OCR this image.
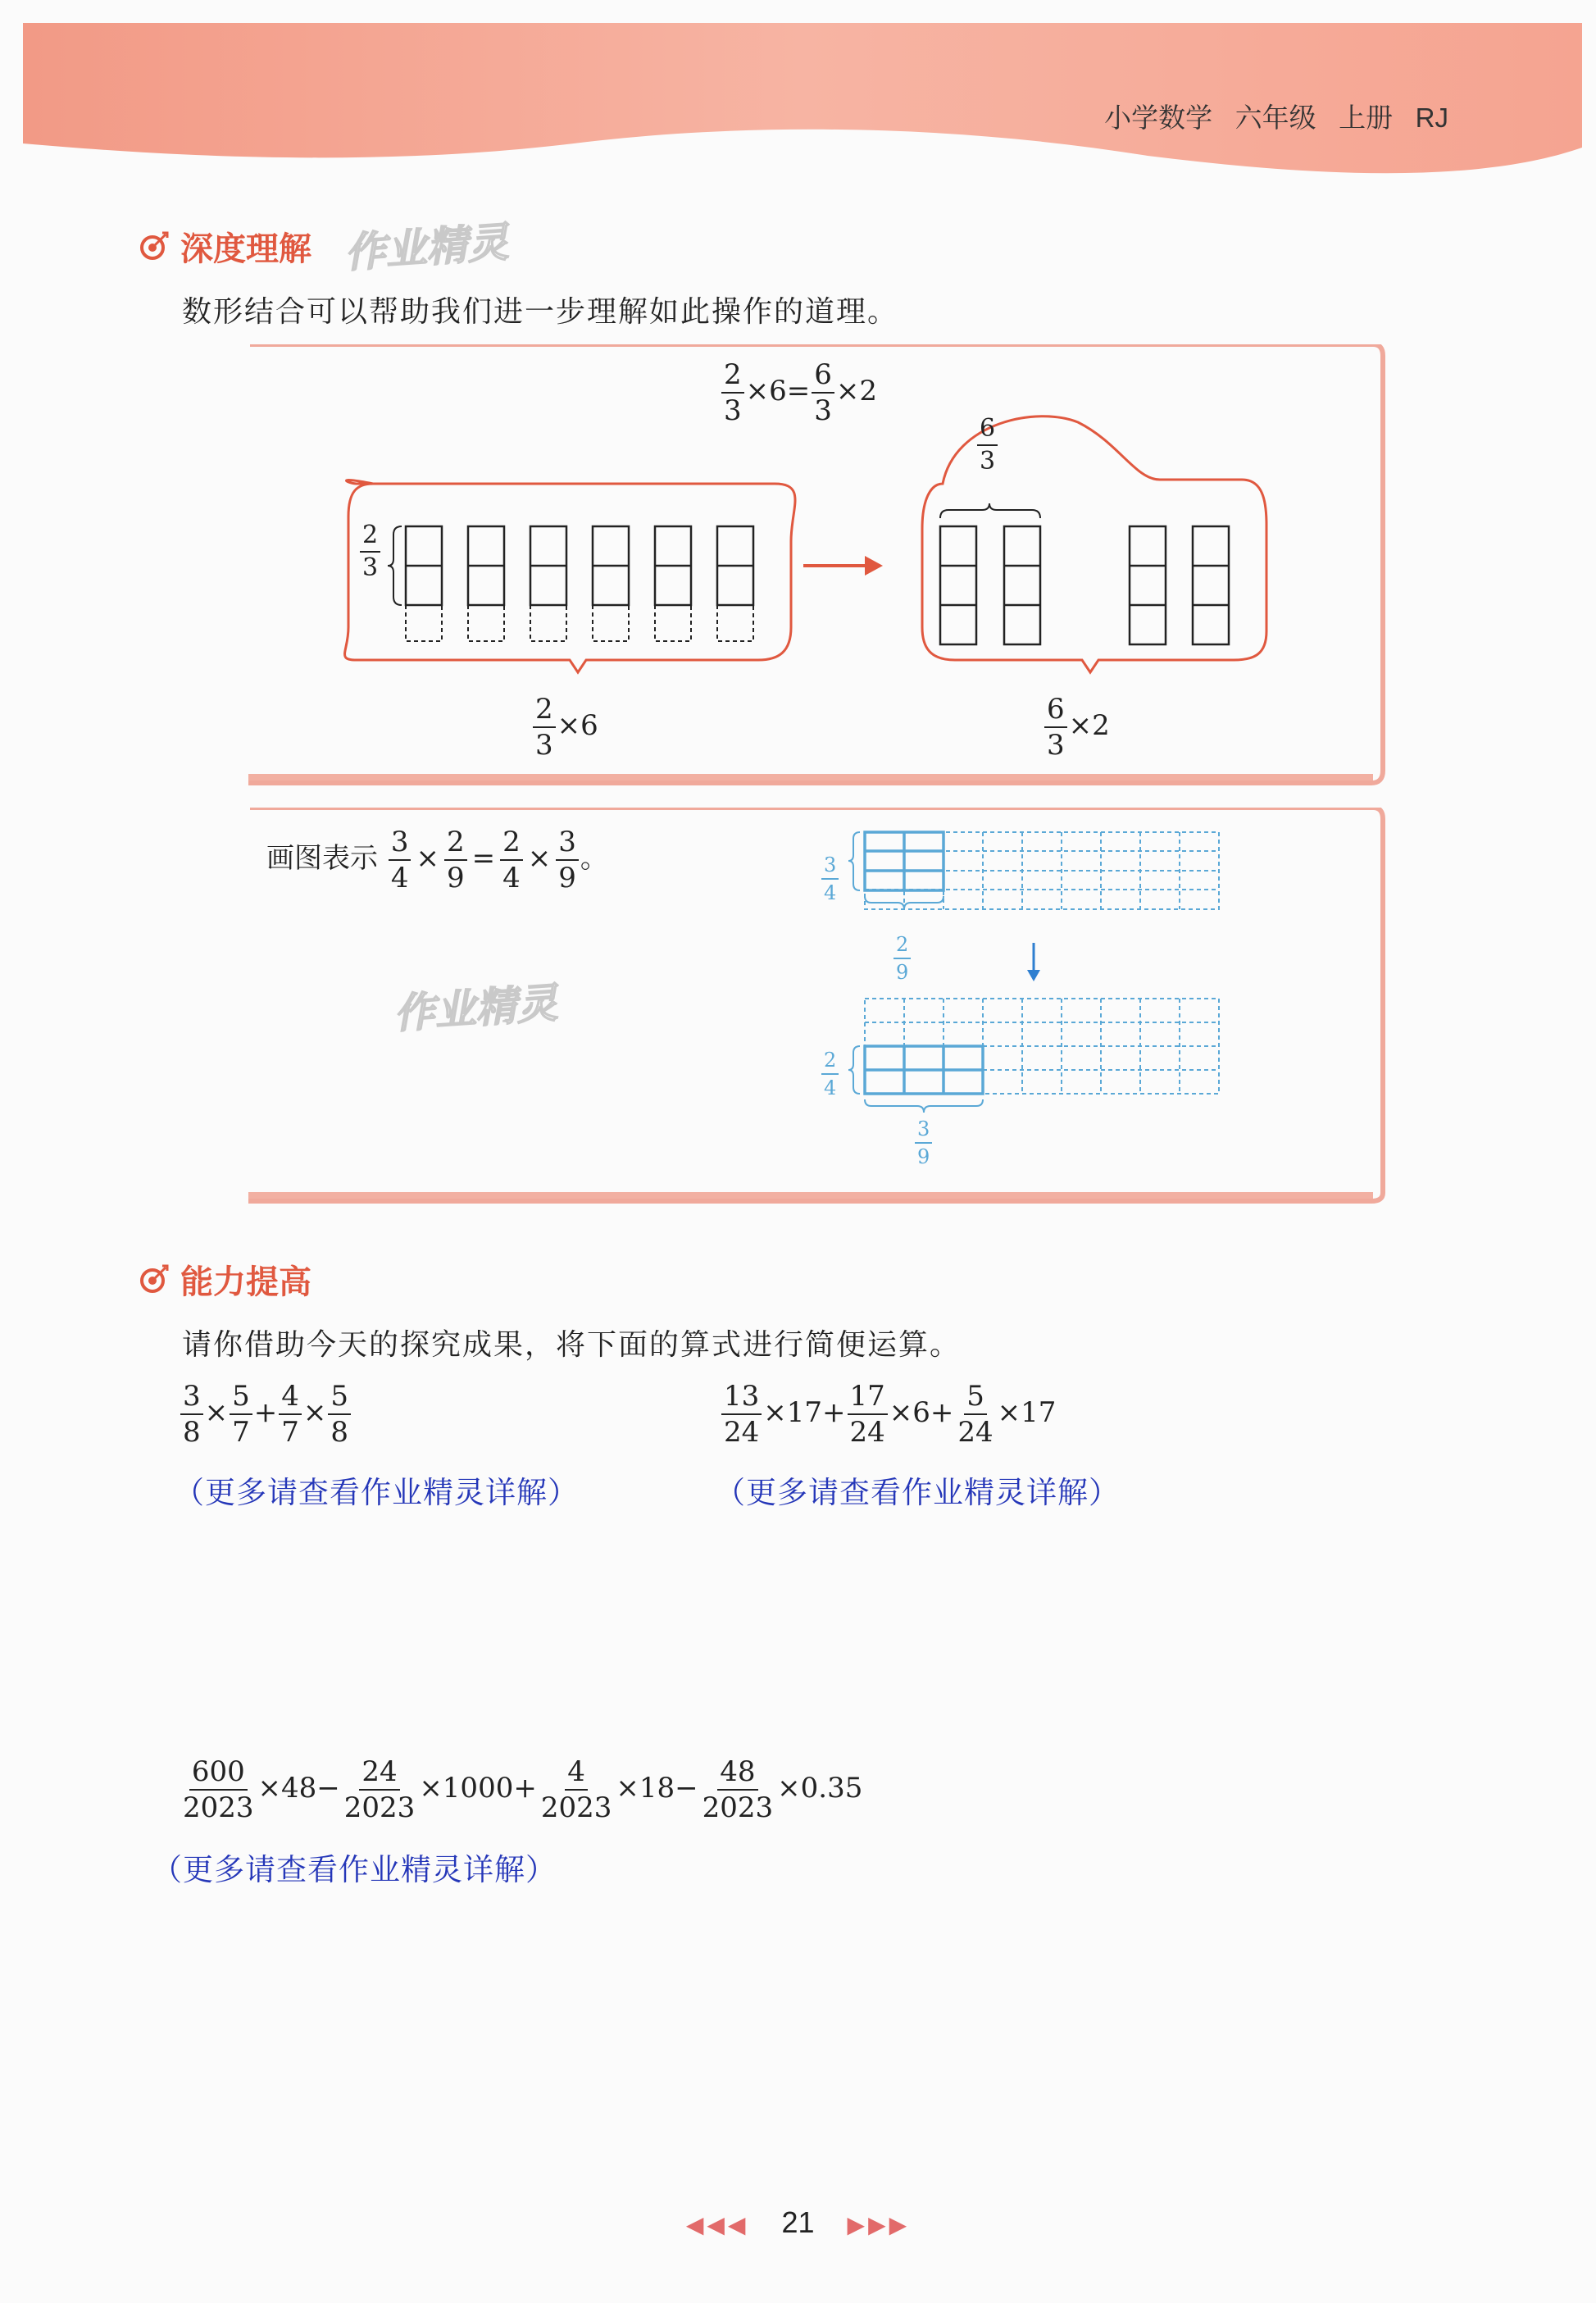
小学数学 六年级 上册 RJ
深度理解 作业精灵
数形结合可以帮助我们进一步理解如此操作的道理。
$\frac{2}{3} \times 6= \frac{6}{3} \times 2$
$\frac{2}{3}$
$\frac{6}{3}$
$\frac{2}{3} \times 6$	$\frac{6}{3} \times 2$
画图表示 $\frac{3}{4} \times \frac{2}{9} = \frac{2}{4} \times \frac{3}{9}$ 。
作业精灵
$\frac{3}{4}$
$\frac{2}{9}$
$\frac{2}{4}$
$\frac{3}{9}$
能力提高
请你借助今天的探究成果，将下面的算式进行简便运算。
$\frac{3}{8} \times \frac{5}{7} + \frac{4}{7} \times \frac{5}{8}$
（更多请查看作业精灵详解）
$\frac{13}{24} \times 17+ \frac{17}{24} \times 6+ \frac{5}{24} \times 17$
（更多请查看作业精灵详解）
$\frac{600}{2023} \times 48- \frac{24}{2023} \times 1000+ \frac{4}{2023} \times 18- \frac{48}{2023} \times 0.35$
（更多请查看作业精灵详解）
◀◀◀ 21 ▶▶▶
